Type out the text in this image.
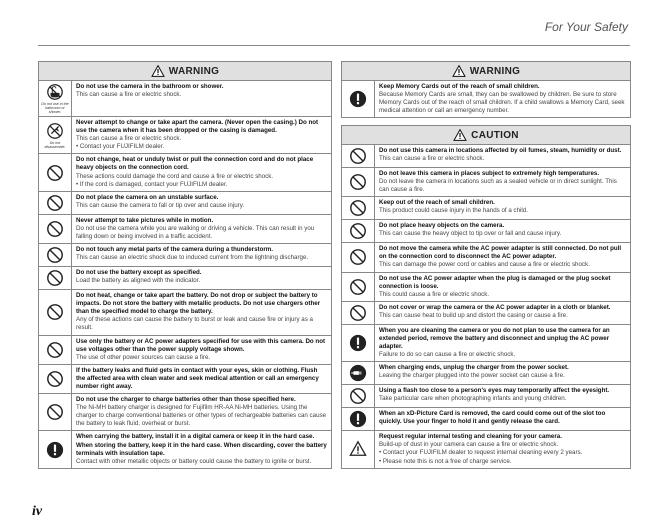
For Your Safety
WARNING
Do not use in the bathroom or shower.
Do not use the camera in the bathroom or shower.
This can cause a fire or electric shock.
Do not disassemble.
Never attempt to change or take apart the camera. (Never open the casing.) Do not use the camera when it has been dropped or the casing is damaged.
This can cause a fire or electric shock.
• Contact your FUJIFILM dealer.
Do not change, heat or unduly twist or pull the connection cord and do not place heavy objects on the connection cord.
These actions could damage the cord and cause a fire or electric shock.
• If the cord is damaged, contact your FUJIFILM dealer.
Do not place the camera on an unstable surface.
This can cause the camera to fall or tip over and cause injury.
Never attempt to take pictures while in motion.
Do not use the camera while you are walking or driving a vehicle. This can result in you falling down or being involved in a traffic accident.
Do not touch any metal parts of the camera during a thunderstorm.
This can cause an electric shock due to induced current from the lightning discharge.
Do not use the battery except as specified.
Load the battery as aligned with the indicator.
Do not heat, change or take apart the battery. Do not drop or subject the battery to impacts. Do not store the battery with metallic products. Do not use chargers other than the specified model to charge the battery.
Any of these actions can cause the battery to burst or leak and cause fire or injury as a result.
Use only the battery or AC power adapters specified for use with this camera. Do not use voltages other than the power supply voltage shown.
The use of other power sources can cause a fire.
If the battery leaks and fluid gets in contact with your eyes, skin or clothing. Flush the affected area with clean water and seek medical attention or call an emergency number right away.
Do not use the charger to charge batteries other than those specified here.
The Ni-MH battery charger is designed for Fujifilm HR-AA Ni-MH batteries. Using the charger to charge conventional batteries or other types of rechargeable batteries can cause the battery to leak fluid, overheat or burst.
When carrying the battery, install it in a digital camera or keep it in the hard case. When storing the battery, keep it in the hard case. When discarding, cover the battery terminals with insulation tape.
Contact with other metallic objects or battery could cause the battery to ignite or burst.
WARNING
Keep Memory Cards out of the reach of small children.
Because Memory Cards are small, they can be swallowed by children. Be sure to store Memory Cards out of the reach of small children. If a child swallows a Memory Card, seek medical attention or call an emergency number.
CAUTION
Do not use this camera in locations affected by oil fumes, steam, humidity or dust.
This can cause a fire or electric shock.
Do not leave this camera in places subject to extremely high temperatures.
Do not leave the camera in locations such as a sealed vehicle or in direct sunlight. This can cause a fire.
Keep out of the reach of small children.
This product could cause injury in the hands of a child.
Do not place heavy objects on the camera.
This can cause the heavy object to tip over or fall and cause injury.
Do not move the camera while the AC power adapter is still connected. Do not pull on the connection cord to disconnect the AC power adapter.
This can damage the power cord or cables and cause a fire or electric shock.
Do not use the AC power adapter when the plug is damaged or the plug socket connection is loose.
This could cause a fire or electric shock.
Do not cover or wrap the camera or the AC power adapter in a cloth or blanket.
This can cause heat to build up and distort the casing or cause a fire.
When you are cleaning the camera or you do not plan to use the camera for an extended period, remove the battery and disconnect and unplug the AC power adapter.
Failure to do so can cause a fire or electric shock.
When charging ends, unplug the charger from the power socket.
Leaving the charger plugged into the power socket can cause a fire.
Using a flash too close to a person's eyes may temporarily affect the eyesight.
Take particular care when photographing infants and young children.
When an xD-Picture Card is removed, the card could come out of the slot too quickly. Use your finger to hold it and gently release the card.
Request regular internal testing and cleaning for your camera.
Build-up of dust in your camera can cause a fire or electric shock.
• Contact your FUJIFILM dealer to request internal cleaning every 2 years.
• Please note this is not a free of charge service.
iv
